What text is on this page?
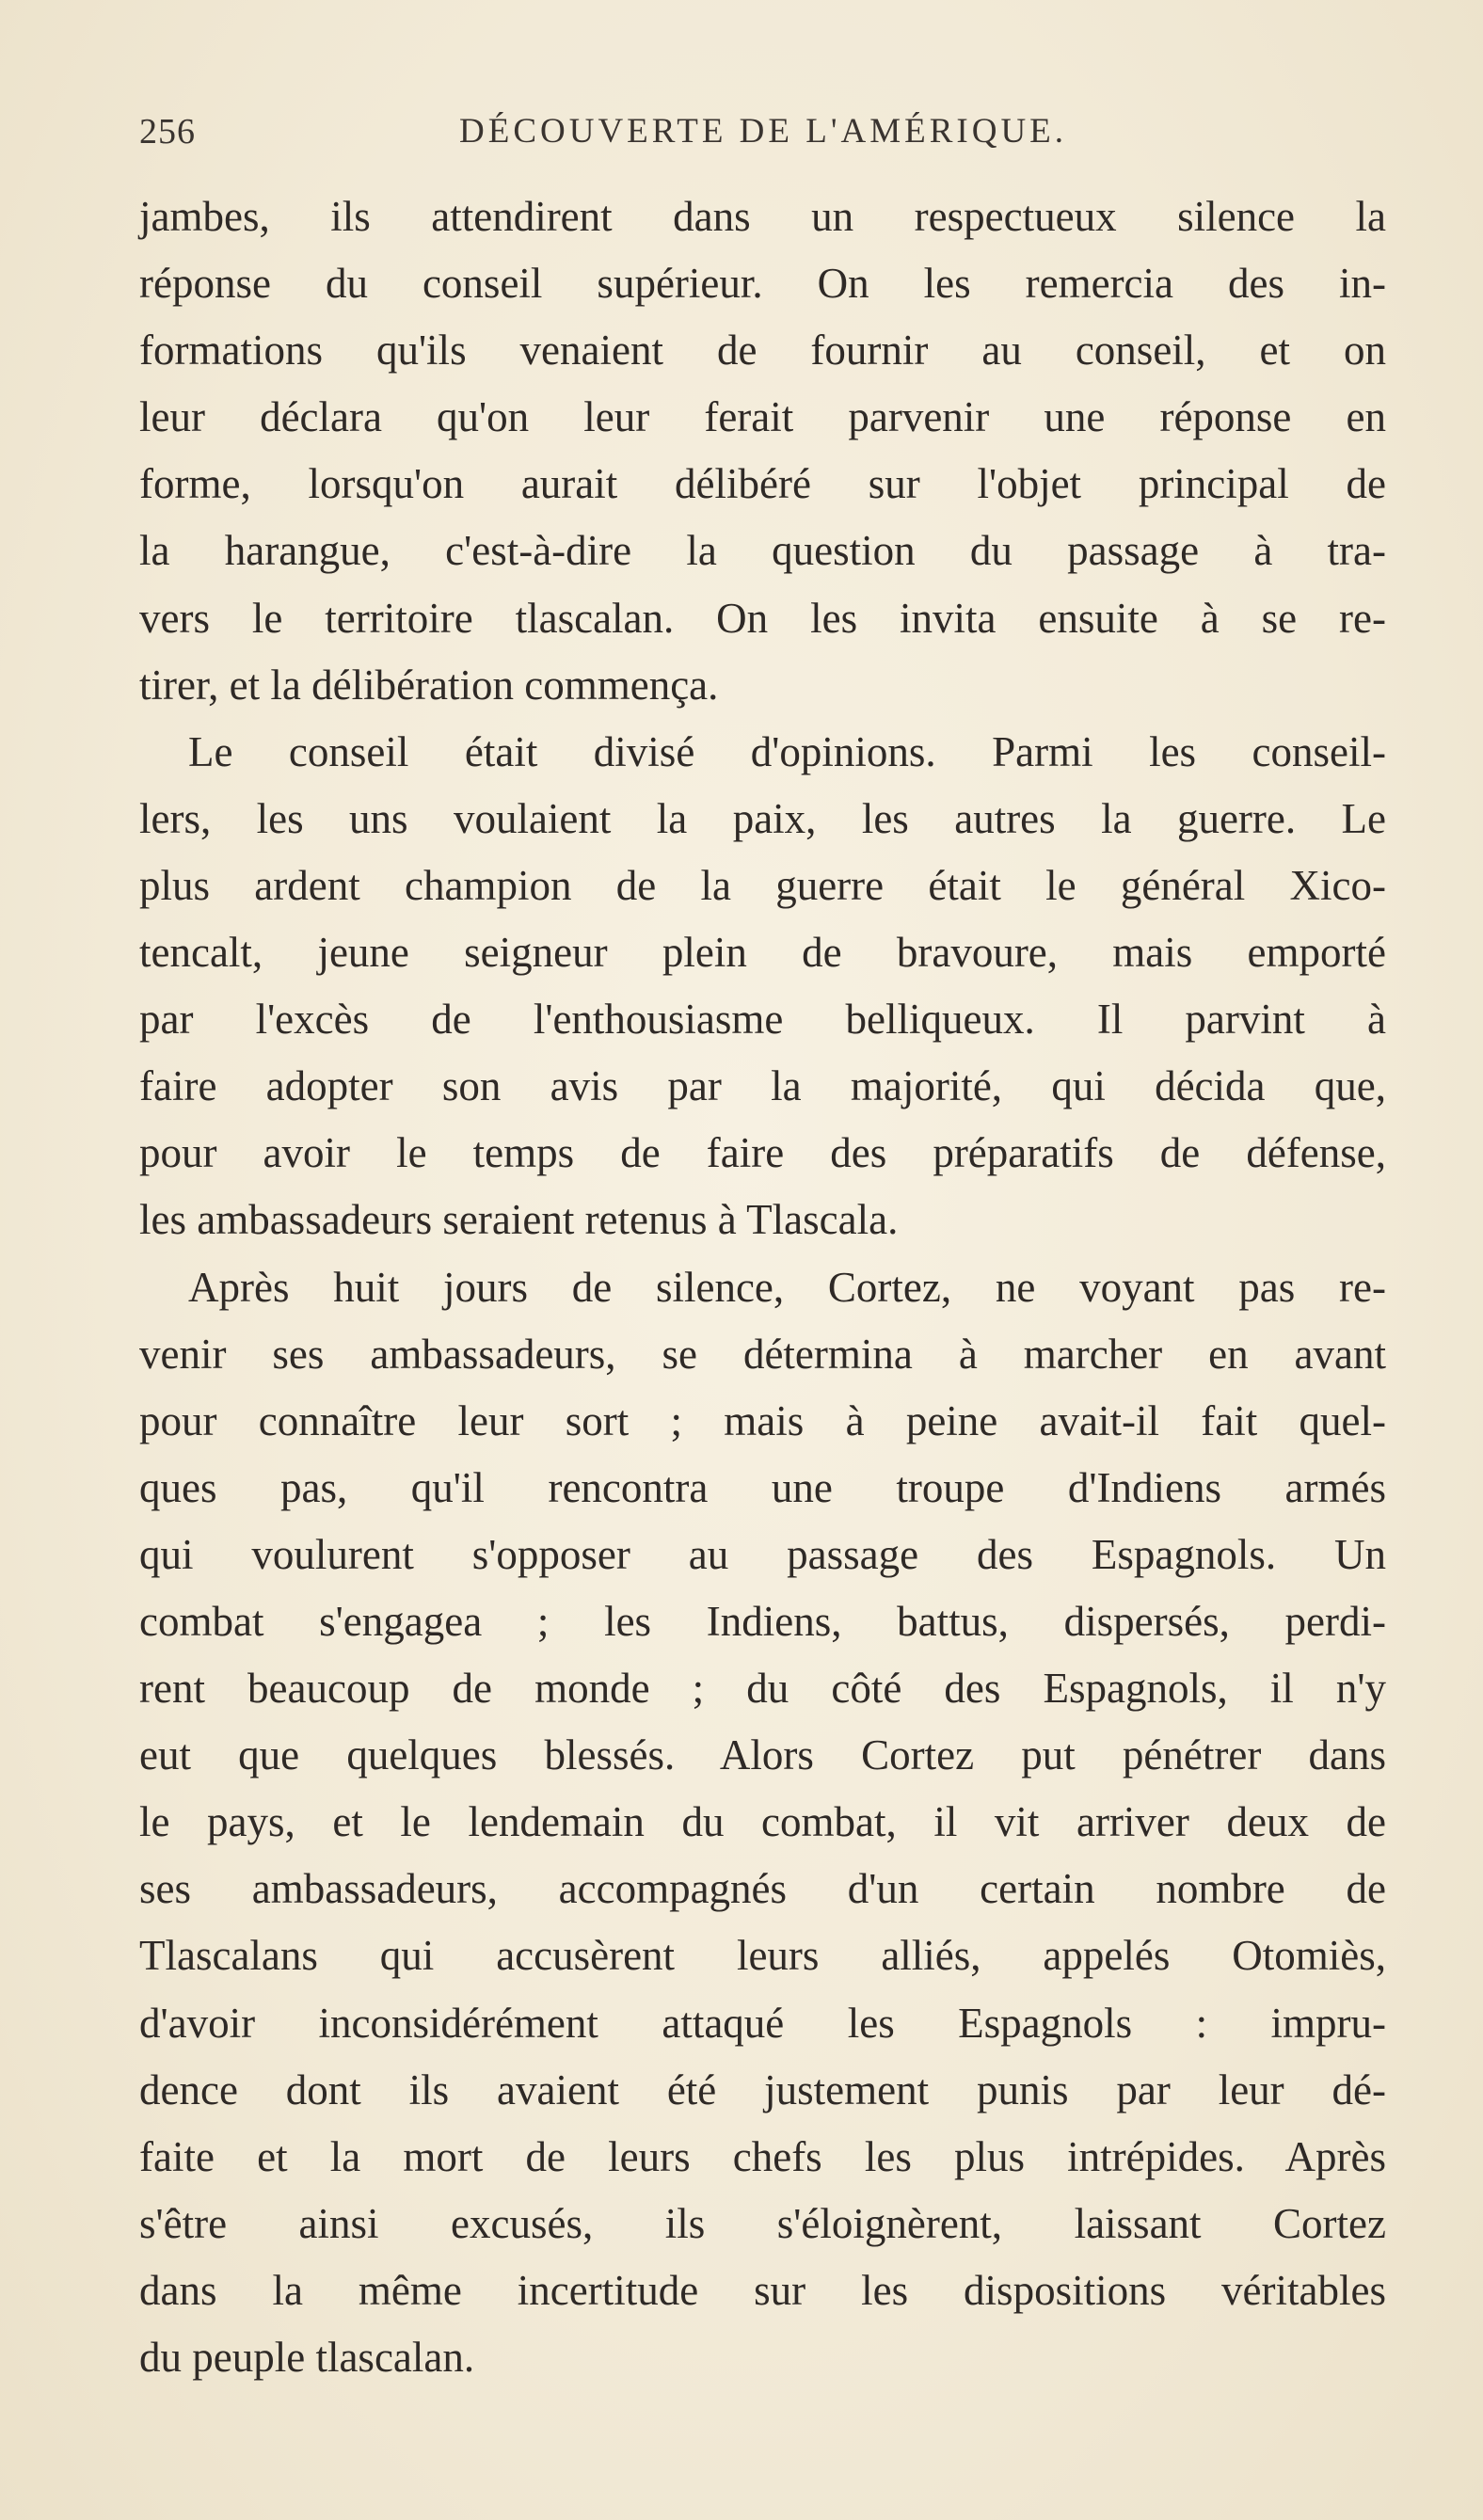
256	DÉCOUVERTE DE L'AMÉRIQUE.
jambes, ils attendirent dans un respectueux silence la
réponse du conseil supérieur. On les remercia des in-
formations qu'ils venaient de fournir au conseil, et on
leur déclara qu'on leur ferait parvenir une réponse en
forme, lorsqu'on aurait délibéré sur l'objet principal de
la harangue, c'est-à-dire la question du passage à tra-
vers le territoire tlascalan. On les invita ensuite à se re-
tirer, et la délibération commença.
Le conseil était divisé d'opinions. Parmi les conseil-
lers, les uns voulaient la paix, les autres la guerre. Le
plus ardent champion de la guerre était le général Xico-
tencalt, jeune seigneur plein de bravoure, mais emporté
par l'excès de l'enthousiasme belliqueux. Il parvint à
faire adopter son avis par la majorité, qui décida que,
pour avoir le temps de faire des préparatifs de défense,
les ambassadeurs seraient retenus à Tlascala.
Après huit jours de silence, Cortez, ne voyant pas re-
venir ses ambassadeurs, se détermina à marcher en avant
pour connaître leur sort ; mais à peine avait-il fait quel-
ques pas, qu'il rencontra une troupe d'Indiens armés
qui voulurent s'opposer au passage des Espagnols. Un
combat s'engagea ; les Indiens, battus, dispersés, perdi-
rent beaucoup de monde ; du côté des Espagnols, il n'y
eut que quelques blessés. Alors Cortez put pénétrer dans
le pays, et le lendemain du combat, il vit arriver deux de
ses ambassadeurs, accompagnés d'un certain nombre de
Tlascalans qui accusèrent leurs alliés, appelés Otomiès,
d'avoir inconsidérément attaqué les Espagnols : impru-
dence dont ils avaient été justement punis par leur dé-
faite et la mort de leurs chefs les plus intrépides. Après
s'être ainsi excusés, ils s'éloignèrent, laissant Cortez
dans la même incertitude sur les dispositions véritables
du peuple tlascalan.
